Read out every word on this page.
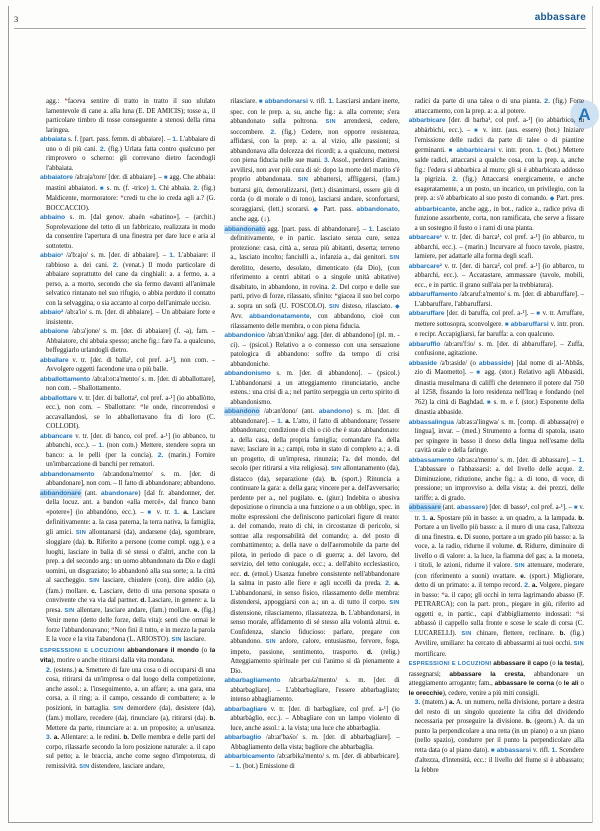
3	abbassare
A

agg.: “faceva sentire di tratto in tratto il suo ululato lamentevole di cane a. alla luna (E. DE AMICIS); tosse a., il particolare timbro di tosse conseguente a stenosi della rima laringea.

abbaiata s. f. [part. pass. femm. di abbaiare]. – 1. L'abbaiare di uno o di più cani. 2. (fig.) Urlata fatta contro qualcuno per rimprovero o scherno: gli correvano dietro facendogli l'abbaiata.

abbaiatore /ab:aja'tore/ [der. di abbaiare]. – ■ agg. Che abbaia: mastini abbaiatori. ■ s. m. (f. -trice) 1. Chi abbaia. 2. (fig.) Maldicente, mormoratore: “credi tu che io creda agli a.? (G. BOCCACCIO).

abbaino s. m. [dal genov. abaén «abatino»]. – (archit.) Soprelevazione del tetto di un fabbricato, realizzata in modo da consentire l'apertura di una finestra per dare luce e aria al sottotetto.

abbaio¹ /a'b:ajo/ s. m. [der. di abbaiare]. – 1. L'abbaiare: il rabbioso a. dei cani. 2. (venat.) Il modo particolare di abbaiare soprattutto del cane da cinghiali: a. a fermo, a. a perso, a. a morto, secondo che sia fermo davanti all'animale selvatico rintanato nel suo rifugio, o abbia perduto il contatto con la selvaggina, o sia accanto al corpo dell'animale ucciso.

abbaio² /ab:a'io/ s. m. [der. di abbaiare]. – Un abbaiare forte e insistente.

abbaione /ab:a'jone/ s. m. [der. di abbaiare] (f. -a), fam. – Abbaiatore, chi abbaia spesso; anche fig.: fare l'a. a qualcuno, beffeggiarlo urlandogli dietro.

abballare v. tr. [der. di balla¹, col pref. a-¹], non com. – Avvolgere oggetti facendone una o più balle.

abballottamento /ab:al:ot:a'mento/ s. m. [der. di abballottare], non com. – Sballottamento.

abballottare v. tr. [der. di ballotta², col pref. a-¹] (io abballòtto, ecc.), non com. – Sballottare: “le onde, rincorrendosi e accavallandosi, se lo abballottavano fra di loro (C. COLLODI).

abbancare v. tr. [der. di banco, col pref. a-¹] (io abbanco, tu abbanchi, ecc.). – 1. (non com.) Mettere, stendere sopra un banco: a. le pelli (per la concia). 2. (marin.) Fornire un'imbarcazione di banchi per rematori.

abbandonamento /ab:andona'mento/ s. m. [der. di abbandonare], non com. – Il fatto di abbandonare; abbandono.

abbandonare (ant. abandonare) [dal fr. abandonner, der. della locuz. ant. a bandon «alla mercé», dal franco bann «potere»] (io abbandóno, ecc.). – ■ v. tr. 1. a. Lasciare definitivamente: a. la casa paterna, la terra nativa, la famiglia, gli amici. SIN allontanarsi (da), andarsene (da), sgombrare, sloggiare (da). b. Riferito a persone (come compl. ogg.), e a luoghi, lasciare in balia di sé stessi o d'altri, anche con la prep. a del secondo arg.: un uomo abbandonato da Dio e dagli uomini, un disgraziato; lo abbandonò alla sua sorte; a. la città al saccheggio. SIN lasciare, chiudere (con), dire addio (a), (fam.) mollare. c. Lasciare, detto di una persona sposata o convivente che va via dal partner. d. Lasciare, in genere: a. la presa. SIN allentare, lasciare andare, (fam.) mollare. e. (fig.) Venir meno (detto delle forze, della vita): senti che ormai le forze l'abbandonavano; “Non finì il tutto, e in mezzo la parola E la voce e la vita l'abandona (L. ARIOSTO). SIN lasciare.

ESPRESSIONI E LOCUZIONI abbandonare il mondo (o la vita), morire o anche ritirarsi dalla vita mondana.

2. (estens.) a. Smettere di fare una cosa o di occuparsi di una cosa, ritirarsi da un'impresa o dal luogo della competizione, anche assol.: a. l'inseguimento, a. un affare; a. una gara, una corsa, a. il ring; a. il campo, cessando di combattere; a. le posizioni, in battaglia. SIN demordere (da), desistere (da), (fam.) mollare, recedere (da), rinunciare (a), ritirarsi (da). b. Mettere da parte, rinunciare a: a. un proposito; a. un'usanza. 3. a. Allentare: a. le redini. b. Delle membra e delle parti del corpo, rilassarle secondo la loro posizione naturale: a. il capo sul petto; a. le braccia, anche come segno d'impotenza, di remissività. SIN distendere, lasciare andare,

rilasciare. ■ abbandonarsi v. rifl. 1. Lasciarsi andare inerte, spec. con le prep. a, su, anche fig.: a. alla corrente; s'era abbandonato sulla poltrona. SIN arrendersi, cedere, soccombere. 2. (fig.) Cedere, non opporre resistenza, affidarsi, con la prep. a: a. al vizio, alle passioni; si abbandonava alla dolcezza dei ricordi; a. a qualcuno, mettersi con piena fiducia nelle sue mani. 3. Assol., perdersi d'animo, avvilirsi, non aver più cura di sé: dopo la morte del marito s'è proprio abbandonata. SIN abbattersi, affliggersi, (fam.) buttarsi giù, demoralizzarsi, (lett.) disanimarsi, essere giù di corda (o di morale o di tono), lasciarsi andare, sconfortarsi, scoraggiarsi, (lett.) scorarsi. ◆ Part. pass. abbandonato, anche agg. (↓).

abbandonato agg. [part. pass. di abbandonare]. – 1. Lasciato definitivamente, e in partic. lasciato senza cure, senza protezione: casa, città a., senza più abitanti, deserta; terreno a., lasciato incolto; fanciulli a., infanzia a., dai genitori. SIN derelitto, deserto, desolato, dimenticato (da Dio), (con riferimento a centri abitati o a singole unità abitative) disabitato, in abbandono, in rovina. 2. Del corpo e delle sue parti, privo di forze, rilassato, sfinito: “giacea il suo bel corpo a. sopra un sofà (U. FOSCOLO). SIN disteso, rilasciato. ◆ Avv. abbandonatamente, con abbandono, cioè con rilassamento delle membra, o con piena fiducia.

abbandonico /ab:an'dɔniko/ agg. [der. di abbandono] (pl. m. -ci). – (psicol.) Relativo a o connesso con una sensazione patologica di abbandono: soffre da tempo di crisi abbandoniche.

abbandonismo s. m. [der. di abbandono]. – (psicol.) L'abbandonarsi a un atteggiamento rinunciatario, anche estens.: una crisi di a.; nel partito serpeggia un certo spirito di abbandonismo.

abbandono /ab:an'dono/ (ant. abandono) s. m. [der. di abbandonare]. – 1. a. L'atto, il fatto di abbandonare; l'essere abbandonato; condizione di chi o ciò che è stato abbandonato: a. della casa, della propria famiglia; comandare l'a. della nave; lasciare in a.; campi, roba in stato di completo a.; a. di un progetto, di un'impresa, rinunzia; l'a. del mondo, del secolo (per ritirarsi a vita religiosa). SIN allontanamento (da), distacco (da), separazione (da). b. (sport.) Rinuncia a continuare la gara: a. della gara; vincere per a. dell'avversario; perdente per a., nel pugilato. c. (giur.) Indebita o abusiva deposizione o rinuncia a una funzione o a un obbligo, spec. in molte espressioni che definiscono particolari figure di reato: a. del comando, reato di chi, in circostanze di pericolo, si sottrae alla responsabilità del comando; a. del posto di combattimento; a. della nave o dell'aeromobile da parte del pilota, in periodo di pace o di guerra; a. del lavoro, del servizio, del tetto coniugale, ecc.; a. dell'abito ecclesiastico, ecc. d. (etnol.) Usanza funebre consistente nell'abbandonare la salma in pasto alle fiere e agli uccelli da preda. 2. a. L'abbandonarsi, in senso fisico, rilassamento delle membra: distendersi, appoggiarsi con a.; un a. di tutto il corpo. SIN distensione, rilasciamento, rilassatezza. b. L'abbandonarsi, in senso morale, affidamento di sé stesso alla volontà altrui. c. Confidenza, slancio fiducioso: parlare, pregare con abbandono. SIN ardore, calore, entusiasmo, fervore, foga, impeto, passione, sentimento, trasporto. d. (relig.) Atteggiamento spirituale per cui l'animo si dà pienamente a Dio.

abbarbagliamento /ab:arbaʎa'mento/ s. m. [der. di abbarbagliare]. – L'abbarbagliare, l'essere abbarbagliato; intenso abbagliamento.

abbarbagliare v. tr. [der. di barbagliare, col pref. a-¹] (io abbarbàglio, ecc.). – Abbagliare con un lampo violento di luce, anche assol.: a. la vista; una luce che abbarbaglia.

abbarbaglio /ab:ar'baʎo/ s. m. [der. di abbarbagliare]. – Abbagliamento della vista; bagliore che abbarbaglia.

abbarbicamento /ab:arbika'mento/ s. m. [der. di abbarbicare]. – 1. (bot.) Emissione di

radici da parte di una talea o di una pianta. 2. (fig.) Forte attaccamento, con la prep. a: a. al potere.

abbarbicare [der. di barba¹, col pref. a-¹] (io abbàrbico, tu abbàrbichi, ecc.). – ■ v. intr. (aus. essere) (bot.) Iniziare l'emissione delle radici da parte di talee o di piantine germinanti. ■ abbarbicarsi v. intr. pron. 1. (bot.) Mettere salde radici, attaccarsi a qualche cosa, con la prep. a, anche fig.: l'edera si abbarbica al muro; gli si è abbarbicata addosso la pigrizia. 2. (fig.) Attaccarsi energicamente, e anche esageratamente, a un posto, un incarico, un privilegio, con la prep. a: s'è abbarbicato al suo posto di comando. ◆ Part. pres. abbarbicante, anche agg., in bot., radice a., radice priva di funzione assorbente, corta, non ramificata, che serve a fissare a un sostegno il fusto o i rami di una pianta.

abbarcare¹ v. tr. [der. di barca¹, col pref. a-¹] (io abbarco, tu abbarchi, ecc.). – (marin.) Incurvare al fuoco tavole, piastre, lamiere, per adattarle alla forma degli scafi.

abbarcare² v. tr. [der. di barca², col pref. a-¹] (io abbarco, tu abbarchi, ecc.). – Accatastare, ammassare (tavole, mobili, ecc., e in partic. il grano sull'aia per la trebbiatura).

abbaruffamento /ab:aruf:a'mento/ s. m. [der. di abbaruffare]. – L'abbaruffare, l'abbaruffarsi.

abbaruffare [der. di baruffa, col pref. a-¹]. – ■ v. tr. Arruffare, mettere sottosopra, sconvolgere. ■ abbaruffarsi v. intr. pron. e recipr. Accapigliarsi, far baruffa: a. con qualcuno.

abbaruffio /ab:aru'f:io/ s. m. [der. di abbaruffare]. – Zuffa, confusione, agitazione.

abbaside /a'b:aside/ (o abbasside) [dal nome di al-'Abbās, zio di Maometto]. – ■ agg. (stor.) Relativo agli Abbasidi, dinastia musulmana di califfi che detennero il potere dal 750 al 1258, fissando la loro residenza nell'Iraq e fondando (nel 762) la città di Baghdad. ■ s. m. e f. (stor.) Esponente della dinastia abbaside.

abbassalingua /ab:as:a'lingwa/ s. m. [comp. di abbassa(re) e lingua], invar. – (med.) Strumento a forma di spatola, usato per spingere in basso il dorso della lingua nell'esame della cavità orale e della faringe.

abbassamento /ab:as:a'mento/ s. m. [der. di abbassare]. – 1. L'abbassare o l'abbassarsi: a. del livello delle acque. 2. Diminuzione, riduzione, anche fig.: a. di tono, di voce, di pressione; un improvviso a. della vista; a. dei prezzi, delle tariffe; a. di grado.

abbassare (ant. abassare) [der. di basso¹, col pref. a-¹]. – ■ v. tr. 1. a. Spostare più in basso: a. un quadro, a. la lampada. b. Portare a un livello più basso: a. il muro di una casa, l'altezza di una finestra. c. Di suono, portare a un grado più basso: a. la voce, a. la radio, ridurne il volume. d. Ridurre, diminuire di livello o di valore: a. la luce, la fiamma del gas; a. la moneta, i titoli, le azioni, ridurne il valore. SIN attenuare, moderare, (con riferimento a suoni) ovattare. e. (sport.) Migliorare, detto di un primato: a. il tempo record. 2. a. Volgere, piegare in basso: “a. il capo; gli occhi in terra lagrimando abasso (F. PETRARCA); con la part. pron., piegare in giù, riferito ad oggetti e, in partic., capi d'abbigliamento indossati: “si abbassò il cappello sulla fronte e scese le scale di corsa (C. LUCARELLI). SIN chinare, flettere, reclinare. b. (fig.) Avvilire, umiliare: ha cercato di abbassarmi ai tuoi occhi. SIN mortificare.

ESPRESSIONI E LOCUZIONI abbassare il capo (o la testa), rassegnarsi; abbassare la cresta, abbandonare un atteggiamento arrogante; fam., abbassare le corna (o le ali o le orecchie), cedere, venire a più miti consigli.

3. (matem.) a. A. un numero, nella divisione, portare a destra del resto di un singolo quoziente la cifra del dividendo necessaria per proseguire la divisione. b. (geom.) A. da un punto la perpendicolare a una retta (in un piano) o a un piano (nello spazio), condurre per il punto la perpendicolare alla retta data (o al piano dato). ■ abbassarsi v. rifl. 1. Scendere d'altezza, d'intensità, ecc.: il livello del fiume si è abbassato; la febbre
